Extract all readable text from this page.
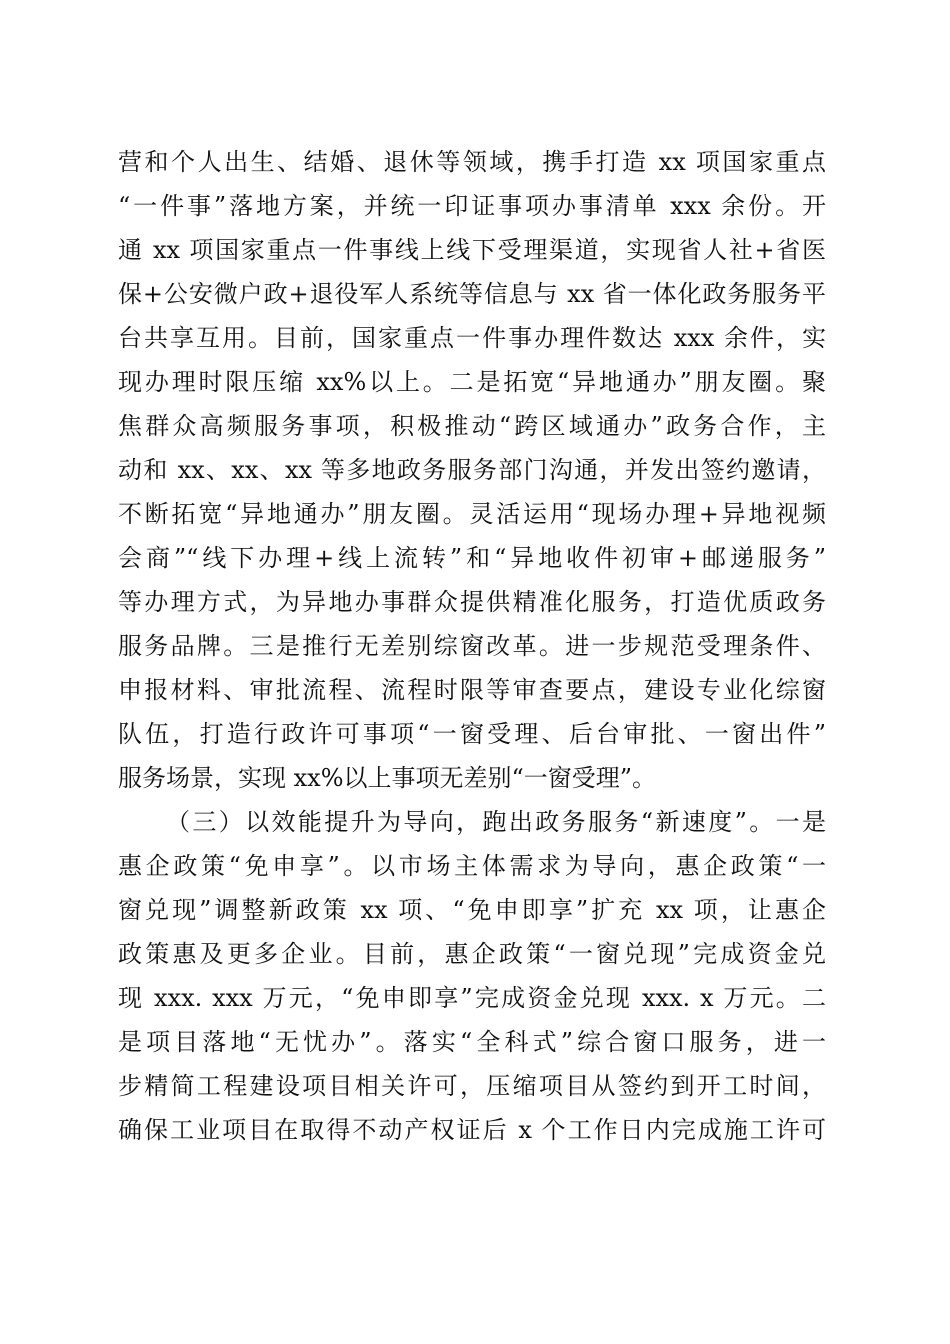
营和个人出生、结婚、退休等领域，携手打造 xx 项国家重点
“一件事”落地方案，并统一印证事项办事清单 xxx 余份。开
通 xx 项国家重点一件事线上线下受理渠道，实现省人社+省医
保+公安微户政+退役军人系统等信息与 xx 省一体化政务服务平
台共享互用。目前，国家重点一件事办理件数达 xxx 余件，实
现办理时限压缩 xx%以上。二是拓宽“异地通办”朋友圈。聚
焦群众高频服务事项，积极推动“跨区域通办”政务合作，主
动和 xx、xx、xx 等多地政务服务部门沟通，并发出签约邀请，
不断拓宽“异地通办”朋友圈。灵活运用“现场办理+异地视频
会商”“线下办理+线上流转”和“异地收件初审+邮递服务”
等办理方式，为异地办事群众提供精准化服务，打造优质政务
服务品牌。三是推行无差别综窗改革。进一步规范受理条件、
申报材料、审批流程、流程时限等审查要点，建设专业化综窗
队伍，打造行政许可事项“一窗受理、后台审批、一窗出件”
服务场景，实现 xx%以上事项无差别“一窗受理”。
（三）以效能提升为导向，跑出政务服务“新速度”。一是
惠企政策“免申享”。以市场主体需求为导向，惠企政策“一
窗兑现”调整新政策 xx 项、“免申即享”扩充 xx 项，让惠企
政策惠及更多企业。目前，惠企政策“一窗兑现”完成资金兑
现 xxx. xxx 万元，“免申即享”完成资金兑现 xxx. x 万元。二
是项目落地“无忧办”。落实“全科式”综合窗口服务，进一
步精简工程建设项目相关许可，压缩项目从签约到开工时间，
确保工业项目在取得不动产权证后 x 个工作日内完成施工许可
